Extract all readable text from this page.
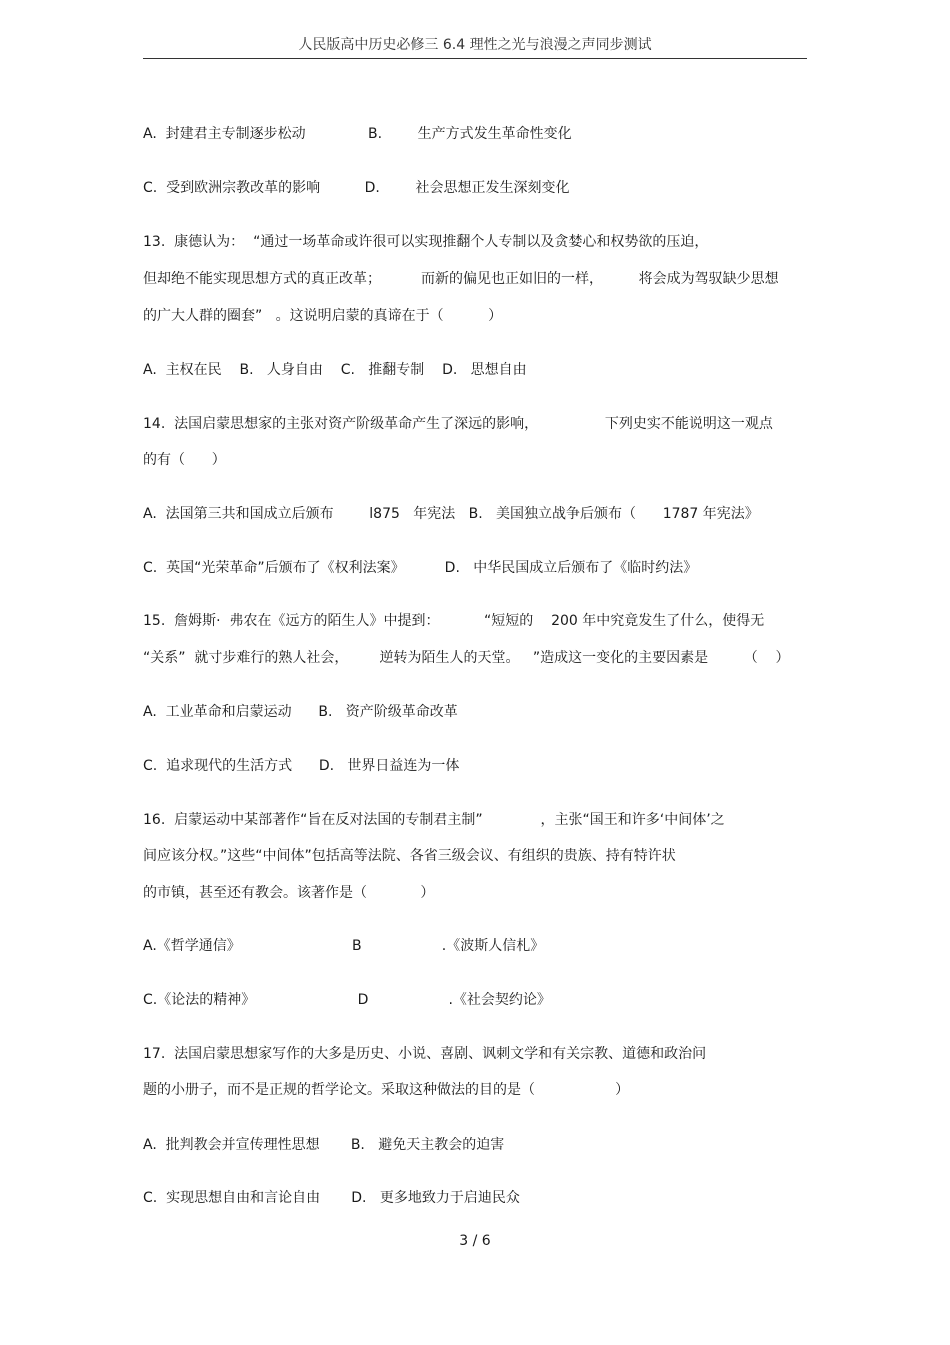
人民版高中历史必修三 6.4 理性之光与浪漫之声同步测试
A.  封建君主专制逐步松动              B.        生产方式发生革命性变化
C.  受到欧洲宗教改革的影响          D.        社会思想正发生深刻变化
13.  康德认为：  “通过一场革命或许很可以实现推翻个人专制以及贪婪心和权势欲的压迫，
但却绝不能实现思想方式的真正改革；         而新的偏见也正如旧的一样，        将会成为驾驭缺少思想
的广大人群的圈套”   。这说明启蒙的真谛在于（          ）
A.  主权在民    B.   人身自由    C.   推翻专制    D.   思想自由
14.  法国启蒙思想家的主张对资产阶级革命产生了深远的影响，               下列史实不能说明这一观点
的有（      ）
A.  法国第三共和国成立后颁布        l875   年宪法   B.   美国独立战争后颁布（      1787 年宪法》
C.  英国“光荣革命”后颁布了《权利法案》         D.   中华民国成立后颁布了《临时约法》
15.  詹姆斯·  弗农在《远方的陌生人》中提到：          “短短的    200 年中究竟发生了什么，使得无
“关系”  就寸步难行的熟人社会，       逆转为陌生人的天堂。   ”造成这一变化的主要因素是        （    ）
A.  工业革命和启蒙运动      B.   资产阶级革命改革
C.  追求现代的生活方式      D.   世界日益连为一体
16.  启蒙运动中某部著作“旨在反对法国的专制君主制”             ，主张“国王和许多‘中间体’之
间应该分权。”这些“中间体”包括高等法院、各省三级会议、有组织的贵族、持有特许状
的市镇，甚至还有教会。该著作是（            ）
A.《哲学通信》                         B                  .《波斯人信札》
C.《论法的精神》                       D                  .《社会契约论》
17.  法国启蒙思想家写作的大多是历史、小说、喜剧、讽刺文学和有关宗教、道德和政治问
题的小册子，而不是正规的哲学论文。采取这种做法的目的是（                  ）
A.  批判教会并宣传理性思想       B.   避免天主教会的迫害
C.  实现思想自由和言论自由       D.   更多地致力于启迪民众
3 / 6
